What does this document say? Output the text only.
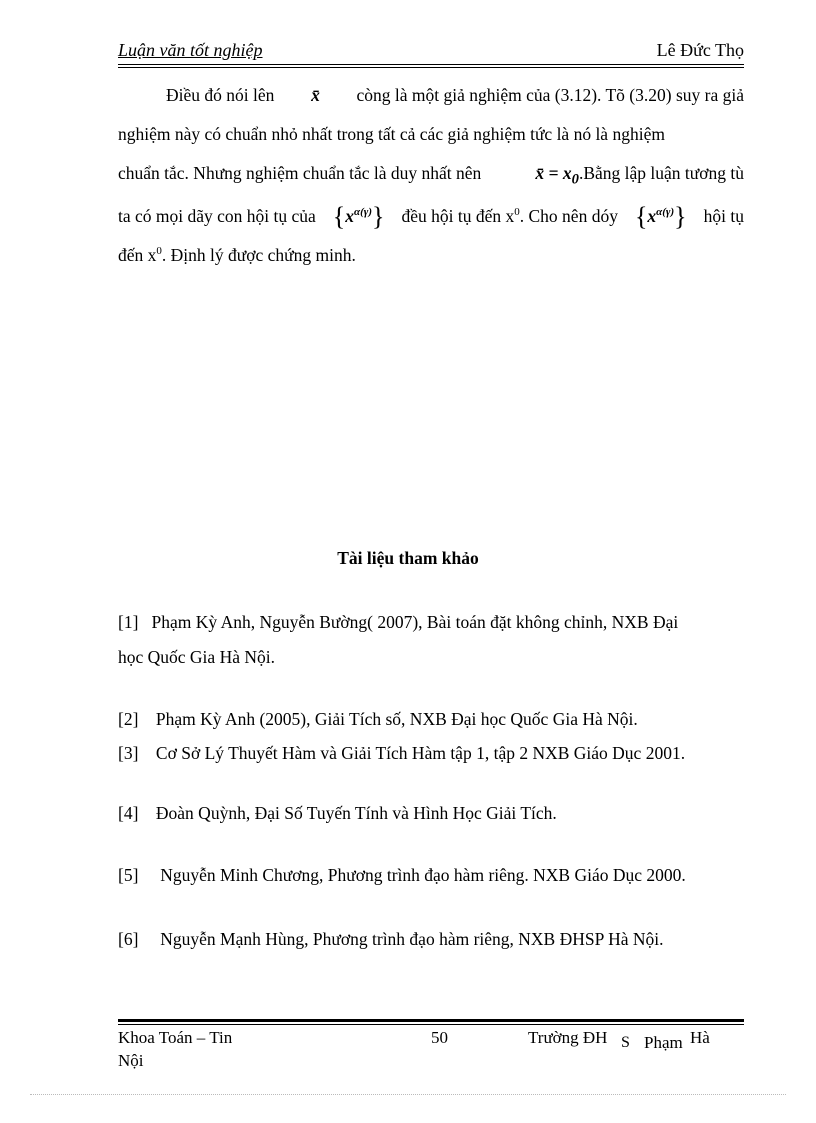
Luận văn tốt nghiệp	Lê Đức Thọ
Điều đó nói lên x̄ còng là một giả nghiệm của (3.12). Tõ (3.20) suy ra giả
nghiệm này có chuẩn nhỏ nhất trong tất cả các giả nghiệm tức là nó là nghiệm
chuẩn tắc. Nhưng nghiệm chuẩn tắc là duy nhất nên	x̄ = $x_0.Bằng$ lập luận tương tù
ta có mọi dãy con hội tụ của $\{x^{\alpha(\gamma)}\}$ đều hội tụ đến $x^0$. Cho nên dóy $\{x^{\alpha(\gamma)}\}$ hội tụ
đến $x^0$. Định lý được chứng minh.
Tài liệu tham khảo
[1] Phạm Kỳ Anh, Nguyễn Bường( 2007), Bài toán đặt không chỉnh, NXB Đại
học Quốc Gia Hà Nội.
[2] Phạm Kỳ Anh (2005), Giải Tích số, NXB Đại học Quốc Gia Hà Nội.
[3] Cơ Sở Lý Thuyết Hàm và Giải Tích Hàm tập 1, tập 2 NXB Giáo Dục 2001.
[4] Đoàn Quỳnh, Đại Số Tuyến Tính và Hình Học Giải Tích.
[5] Nguyễn Minh Chương, Phương trình đạo hàm riêng. NXB Giáo Dục 2000.
[6] Nguyễn Mạnh Hùng, Phương trình đạo hàm riêng, NXB ĐHSP Hà Nội.
Khoa Toán – Tin
Nội
50	Trường ĐH S Phạm Hà
